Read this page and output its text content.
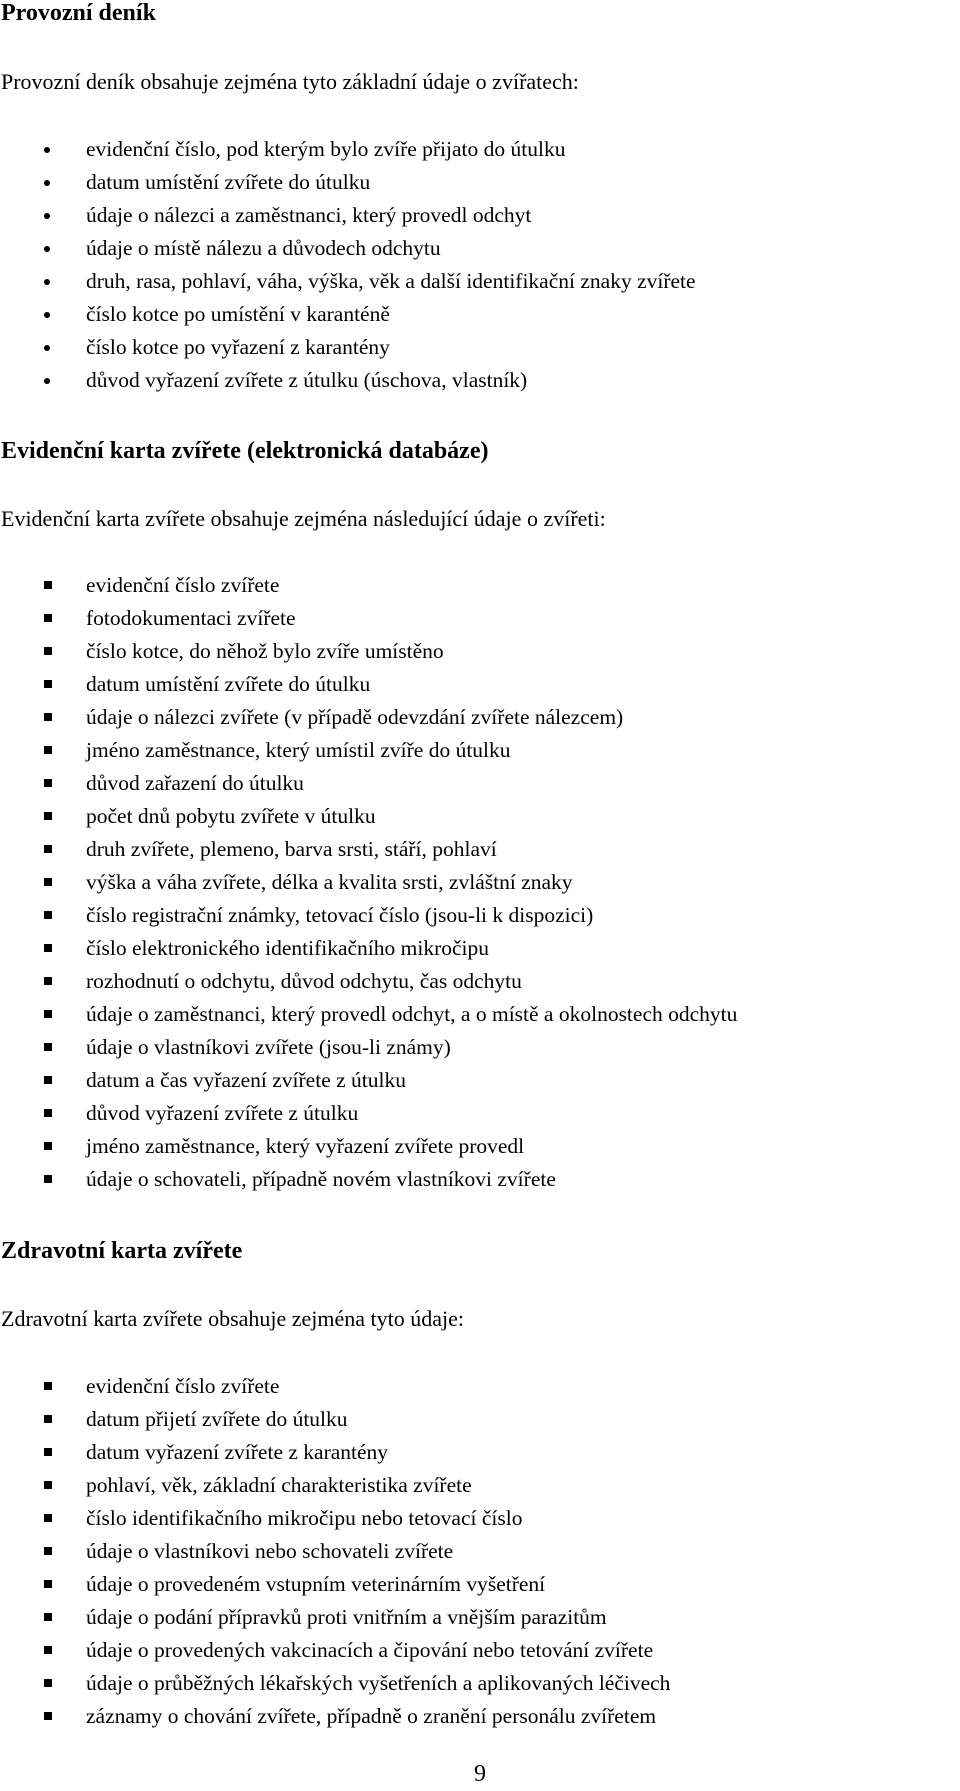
Provozní deník

Provozní deník obsahuje zejména tyto základní údaje o zvířatech:

evidenční číslo, pod kterým bylo zvíře přijato do útulku
datum umístění zvířete do útulku
údaje o nálezci a zaměstnanci, který provedl odchyt
údaje o místě nálezu a důvodech odchytu
druh, rasa, pohlaví, váha, výška, věk a další identifikační znaky zvířete
číslo kotce po umístění v karanténě
číslo kotce po vyřazení z karantény
důvod vyřazení zvířete z útulku (úschova, vlastník)
Evidenční karta zvířete (elektronická databáze)

Evidenční karta zvířete obsahuje zejména následující údaje o zvířeti:

evidenční číslo zvířete
fotodokumentaci zvířete
číslo kotce, do něhož bylo zvíře umístěno
datum umístění zvířete do útulku
údaje o nálezci zvířete (v případě odevzdání zvířete nálezcem)
jméno zaměstnance, který umístil zvíře do útulku
důvod zařazení do útulku
počet dnů pobytu zvířete v útulku
druh zvířete, plemeno, barva srsti, stáří, pohlaví
výška a váha zvířete, délka a kvalita srsti, zvláštní znaky
číslo registrační známky, tetovací číslo (jsou-li k dispozici)
číslo elektronického identifikačního mikročipu
rozhodnutí o odchytu, důvod odchytu, čas odchytu
údaje o zaměstnanci, který provedl odchyt, a o místě a okolnostech odchytu
údaje o vlastníkovi zvířete (jsou-li známy)
datum a čas vyřazení zvířete z útulku
důvod vyřazení zvířete z útulku
jméno zaměstnance, který vyřazení zvířete provedl
údaje o schovateli, případně novém vlastníkovi zvířete
Zdravotní karta zvířete

Zdravotní karta zvířete obsahuje zejména tyto údaje:

evidenční číslo zvířete
datum přijetí zvířete do útulku
datum vyřazení zvířete z karantény
pohlaví, věk, základní charakteristika zvířete
číslo identifikačního mikročipu nebo tetovací číslo
údaje o vlastníkovi nebo schovateli zvířete
údaje o provedeném vstupním veterinárním vyšetření
údaje o podání přípravků proti vnitřním a vnějším parazitům
údaje o provedených vakcinacích a čipování nebo tetování zvířete
údaje o průběžných lékařských vyšetřeních a aplikovaných léčivech
záznamy o chování zvířete, případně o zranění personálu zvířetem

9
